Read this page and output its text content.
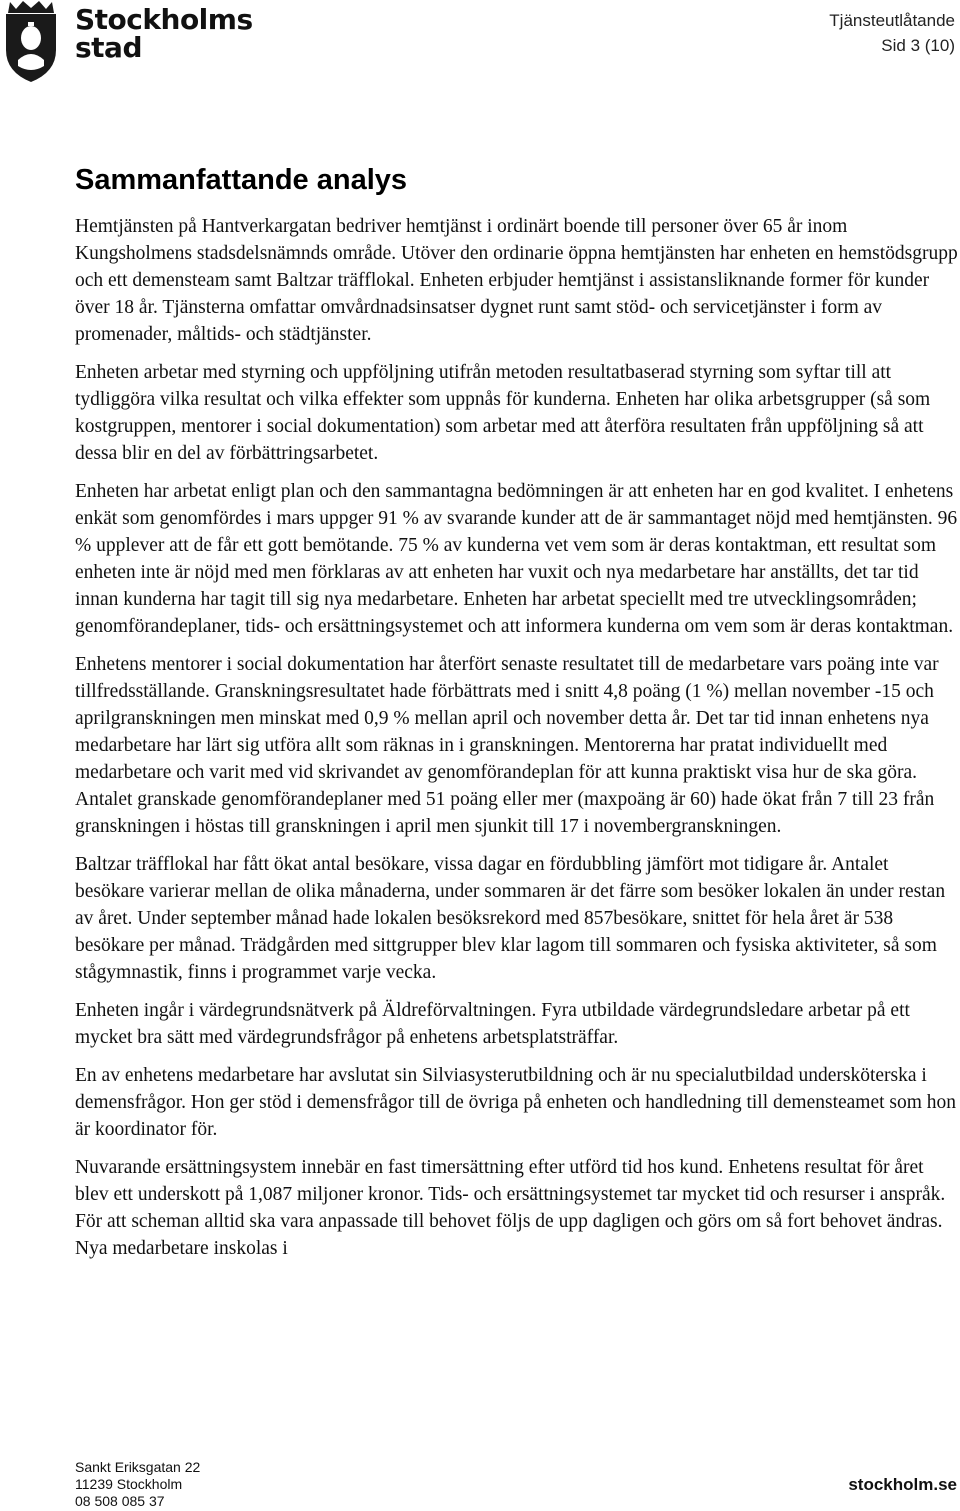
Stockholms
stad
Tjänsteutlåtande
Sid 3 (10)
Sammanfattande analys

Hemtjänsten på Hantverkargatan bedriver hemtjänst i ordinärt boende till personer över 65 år inom Kungsholmens stadsdelsnämnds område. Utöver den ordinarie öppna hemtjänsten har enheten en hemstödsgrupp och ett demensteam samt Baltzar träfflokal. Enheten erbjuder hemtjänst i assistansliknande former för kunder över 18 år. Tjänsterna omfattar omvårdnadsinsatser dygnet runt samt stöd- och servicetjänster i form av promenader, måltids- och städtjänster.

Enheten arbetar med styrning och uppföljning utifrån metoden resultatbaserad styrning som syftar till att tydliggöra vilka resultat och vilka effekter som uppnås för kunderna. Enheten har olika arbetsgrupper (så som kostgruppen, mentorer i social dokumentation) som arbetar med att återföra resultaten från uppföljning så att dessa blir en del av förbättringsarbetet.

Enheten har arbetat enligt plan och den sammantagna bedömningen är att enheten har en god kvalitet. I enhetens enkät som genomfördes i mars uppger 91 % av svarande kunder att de är sammantaget nöjd med hemtjänsten. 96 % upplever att de får ett gott bemötande. 75 % av kunderna vet vem som är deras kontaktman, ett resultat som enheten inte är nöjd med men förklaras av att enheten har vuxit och nya medarbetare har anställts, det tar tid innan kunderna har tagit till sig nya medarbetare. Enheten har arbetat speciellt med tre utvecklingsområden; genomförandeplaner, tids- och ersättningsystemet och att informera kunderna om vem som är deras kontaktman.

Enhetens mentorer i social dokumentation har återfört senaste resultatet till de medarbetare vars poäng inte var tillfredsställande. Granskningsresultatet hade förbättrats med i snitt 4,8 poäng (1 %) mellan november -15 och aprilgranskningen men minskat med 0,9 % mellan april och november detta år. Det tar tid innan enhetens nya medarbetare har lärt sig utföra allt som räknas in i granskningen. Mentorerna har pratat individuellt med medarbetare och varit med vid skrivandet av genomförandeplan för att kunna praktiskt visa hur de ska göra. Antalet granskade genomförandeplaner med 51 poäng eller mer (maxpoäng är 60) hade ökat från 7 till 23 från granskningen i höstas till granskningen i april men sjunkit till 17 i novembergranskningen.

Baltzar träfflokal har fått ökat antal besökare, vissa dagar en fördubbling jämfört mot tidigare år. Antalet besökare varierar mellan de olika månaderna, under sommaren är det färre som besöker lokalen än under restan av året. Under september månad hade lokalen besöksrekord med 857besökare, snittet för hela året är 538 besökare per månad. Trädgården med sittgrupper blev klar lagom till sommaren och fysiska aktiviteter, så som stågymnastik, finns i programmet varje vecka.

Enheten ingår i värdegrundsnätverk på Äldreförvaltningen. Fyra utbildade värdegrundsledare arbetar på ett mycket bra sätt med värdegrundsfrågor på enhetens arbetsplatsträffar.

En av enhetens medarbetare har avslutat sin Silviasysterutbildning och är nu specialutbildad undersköterska i demensfrågor. Hon ger stöd i demensfrågor till de övriga på enheten och handledning till demensteamet som hon är koordinator för.

Nuvarande ersättningsystem innebär en fast timersättning efter utförd tid hos kund. Enhetens resultat för året blev ett underskott på 1,087 miljoner kronor. Tids- och ersättningsystemet tar mycket tid och resurser i anspråk. För att scheman alltid ska vara anpassade till behovet följs de upp dagligen och görs om så fort behovet ändras. Nya medarbetare inskolas i

Sankt Eriksgatan 22
11239 Stockholm
08 508 085 37
stockholm.se
